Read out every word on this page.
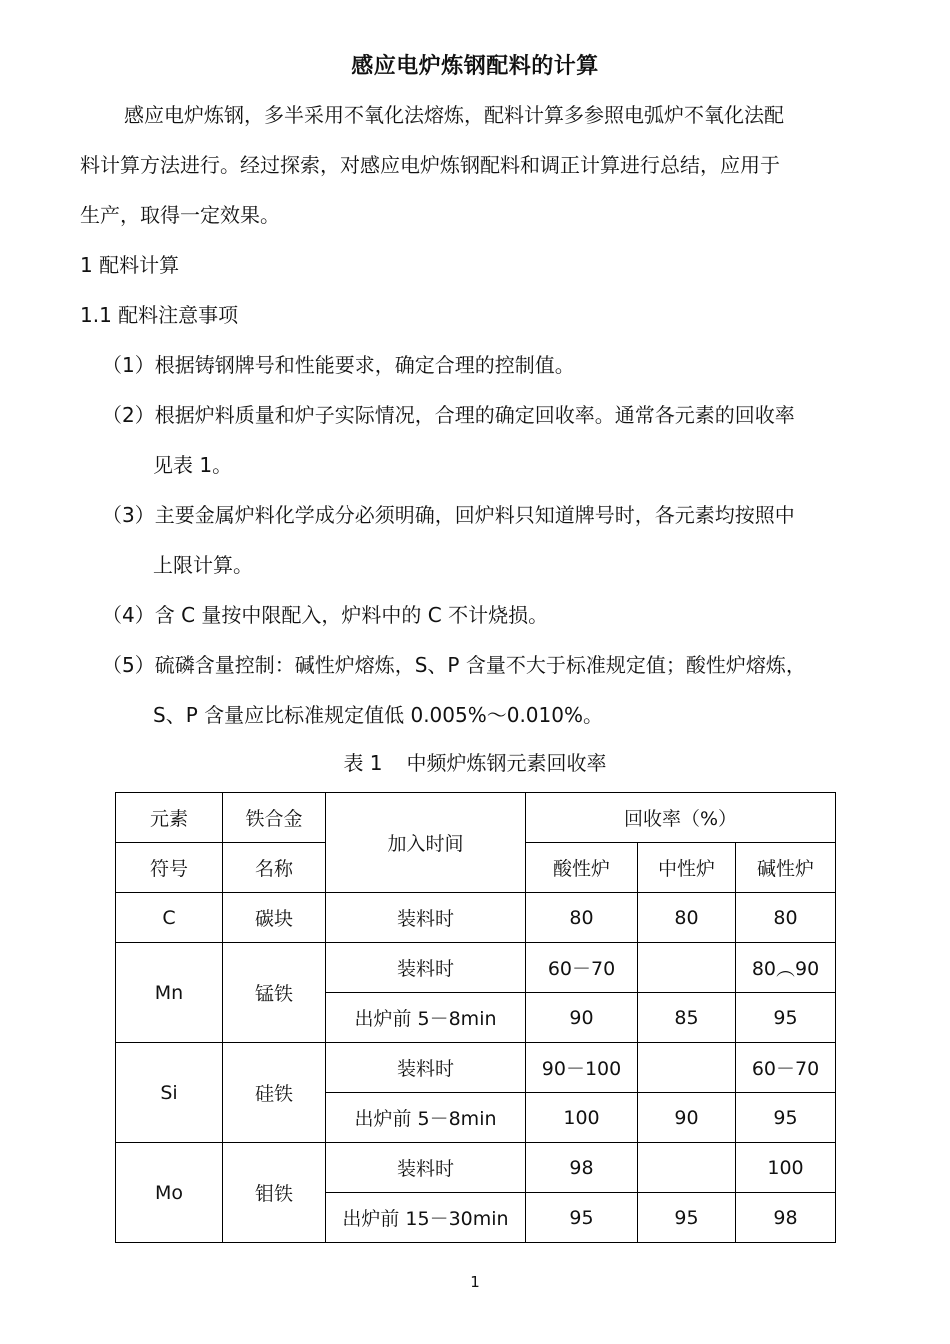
感应电炉炼钢配料的计算
感应电炉炼钢，多半采用不氧化法熔炼，配料计算多参照电弧炉不氧化法配
料计算方法进行。经过探索，对感应电炉炼钢配料和调正计算进行总结，应用于
生产，取得一定效果。
1 配料计算
1.1 配料注意事项
（1）根据铸钢牌号和性能要求，确定合理的控制值。
（2）根据炉料质量和炉子实际情况，合理的确定回收率。通常各元素的回收率
见表 1。
（3）主要金属炉料化学成分必须明确，回炉料只知道牌号时，各元素均按照中
上限计算。
（4）含 C 量按中限配入，炉料中的 C 不计烧损。
（5）硫磷含量控制：碱性炉熔炼，S、P 含量不大于标准规定值；酸性炉熔炼，
S、P 含量应比标准规定值低 0.005%～0.010%。
表 1 中频炉炼钢元素回收率
元素	铁合金	加入时间	回收率（%）		
符号	名称		酸性炉	中性炉	碱性炉
C	碳块	装料时	80	80	80
Mn	锰铁	装料时	60－70		80︵90
		出炉前 5－8min	90	85	95
Si	硅铁	装料时	90－100		60－70
		出炉前 5－8min	100	90	95
Mo	钼铁	装料时	98		100
		出炉前 15－30min	95	95	98
1
